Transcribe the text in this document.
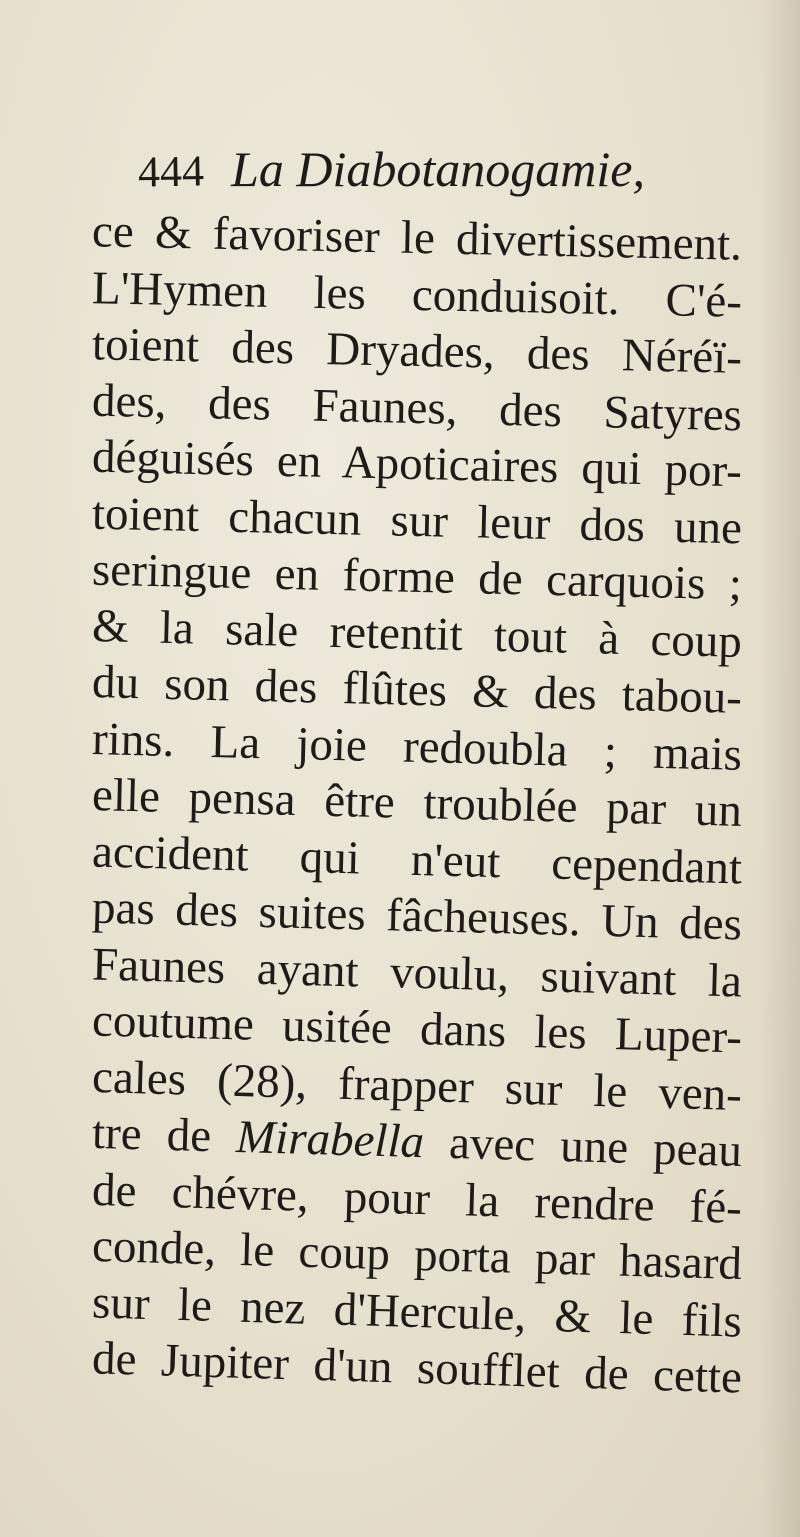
444 La Diabotanogamie,
ce & favoriser le divertissement.
L'Hymen les conduisoit. C'é-
toient des Dryades, des Néréï-
des, des Faunes, des Satyres
déguisés en Apoticaires qui por-
toient chacun sur leur dos une
seringue en forme de carquois ;
& la sale retentit tout à coup
du son des flûtes & des tabou-
rins. La joie redoubla ; mais
elle pensa être troublée par un
accident qui n'eut cependant
pas des suites fâcheuses. Un des
Faunes ayant voulu, suivant la
coutume usitée dans les Luper-
cales (28), frapper sur le ven-
tre de Mirabella avec une peau
de chévre, pour la rendre fé-
conde, le coup porta par hasard
sur le nez d'Hercule, & le fils
de Jupiter d'un soufflet de cette
